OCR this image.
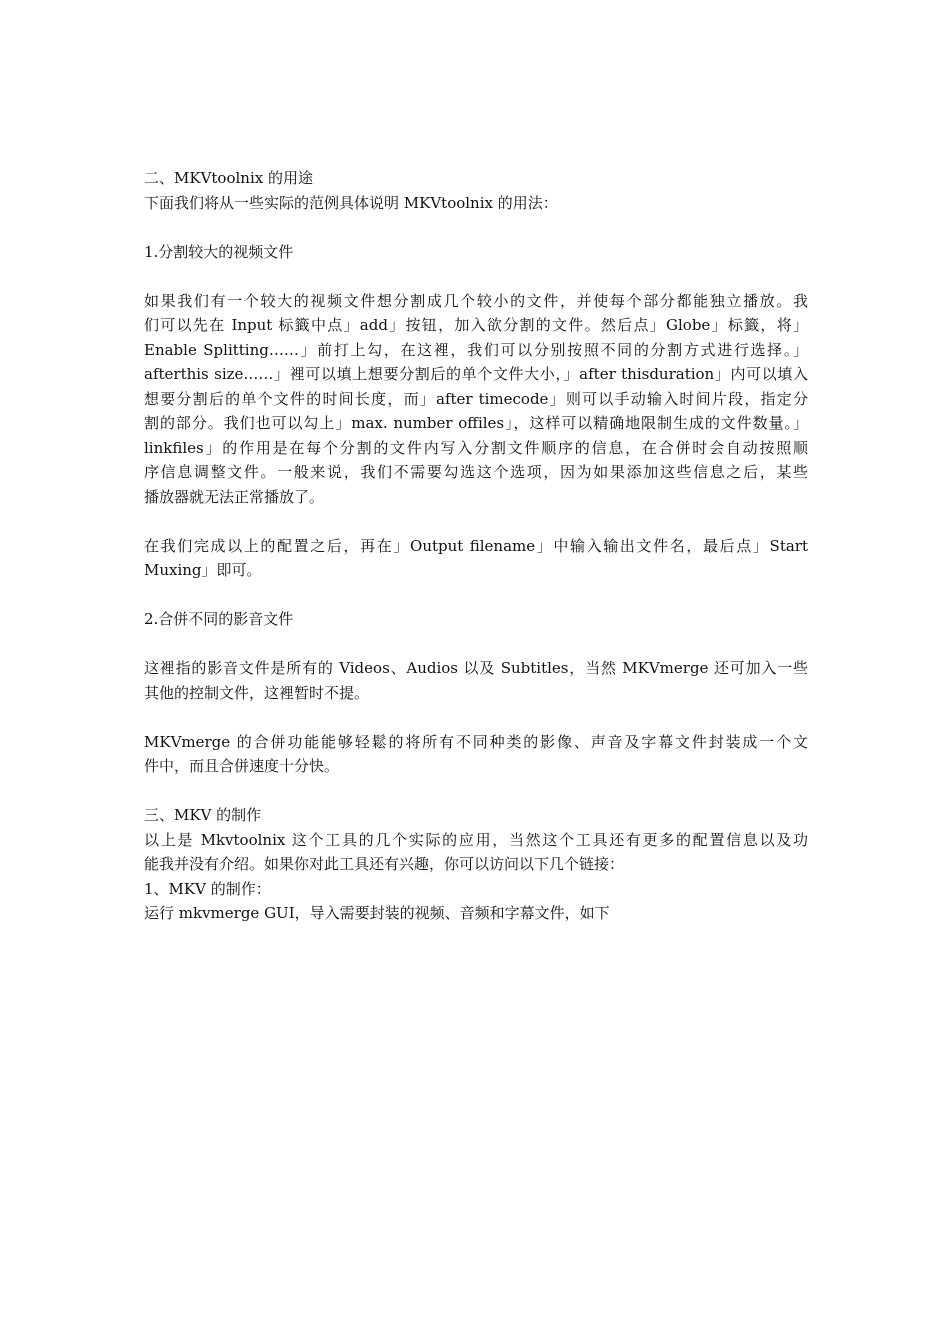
二、MKVtoolnix 的用途
下面我们将从一些实际的范例具体说明 MKVtoolnix 的用法：
1.分割较大的视频文件
如果我们有一个较大的视频文件想分割成几个较小的文件，并使每个部分都能独立播放。我
们可以先在 Input 标籤中点」add」按钮，加入欲分割的文件。然后点」Globe」标籤，将」
Enable Splitting……」前打上勾，在这裡，我们可以分别按照不同的分割方式进行选择。」
afterthis size……」裡可以填上想要分割后的单个文件大小，」after thisduration」内可以填入
想要分割后的单个文件的时间长度，而」after timecode」则可以手动输入时间片段，指定分
割的部分。我们也可以勾上」max. number offiles」，这样可以精确地限制生成的文件数量。」
linkfiles」的作用是在每个分割的文件内写入分割文件顺序的信息，在合併时会自动按照顺
序信息调整文件。一般来说，我们不需要勾选这个选项，因为如果添加这些信息之后，某些
播放器就无法正常播放了。
在我们完成以上的配置之后，再在」Output filename」中输入输出文件名，最后点」Start
Muxing」即可。
2.合併不同的影音文件
这裡指的影音文件是所有的 Videos、Audios 以及 Subtitles，当然 MKVmerge 还可加入一些
其他的控制文件，这裡暂时不提。
MKVmerge 的合併功能能够轻鬆的将所有不同种类的影像、声音及字幕文件封装成一个文
件中，而且合併速度十分快。
三、MKV 的制作
以上是 Mkvtoolnix 这个工具的几个实际的应用，当然这个工具还有更多的配置信息以及功
能我并没有介绍。如果你对此工具还有兴趣，你可以访问以下几个链接：
1、MKV 的制作：
运行 mkvmerge GUI，导入需要封装的视频、音频和字幕文件，如下
